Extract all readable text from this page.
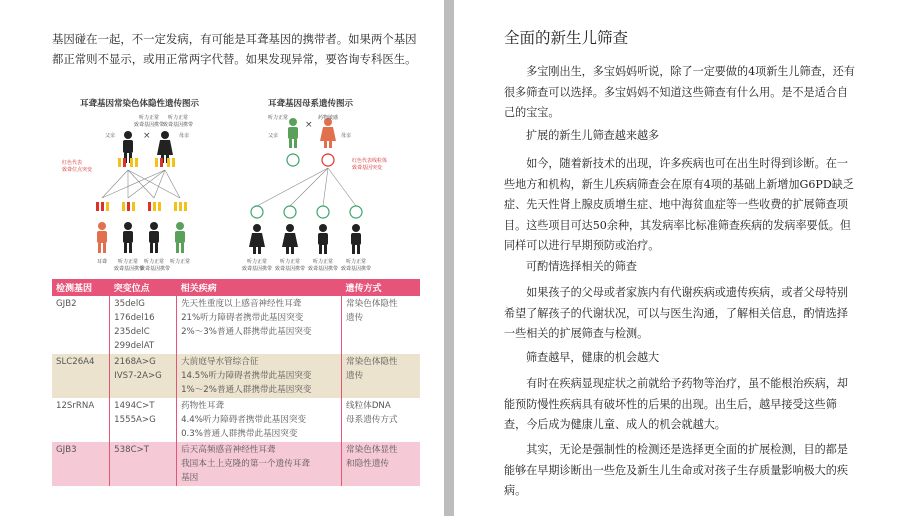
基因碰在一起，不一定发病，有可能是耳聋基因的携带者。如果两个基因都正常则不显示，或用正常两字代替。如果发现异常，要咨询专科医生。

耳聋基因常染色体隐性遗传图示	耳聋基因母系遗传图示
听力正常
致聋基因携带
听力正常
致聋基因携带
父亲	母亲
×
红色代表
致聋位点突变
听力正常	药物敏感
父亲	母亲
×
红色代表线粒体
致聋基因突变
耳聋	听力正常
致聋基因携带
听力正常
致聋基因携带
听力正常	听力正常
致聋基因携带
听力正常
致聋基因携带
听力正常
致聋基因携带
听力正常
致聋基因携带
检测基因	突变位点	相关疾病	遗传方式
GJB2	35delG
176del16
235delC
299delAT	先天性重度以上感音神经性耳聋
21%听力障碍者携带此基因突变
2%～3%普通人群携带此基因突变	常染色体隐性
遗传

SLC26A4	2168A>G
IVS7-2A>G	大前庭导水管综合征
14.5%听力障碍者携带此基因突变
1%～2%普通人群携带此基因突变	常染色体隐性
遗传

12SrRNA	1494C>T
1555A>G	药物性耳聋
4.4%听力障碍者携带此基因突变
0.3%普通人群携带此基因突变	线粒体DNA
母系遗传方式

GJB3	538C>T	后天高频感音神经性耳聋
我国本土上克隆的第一个遗传耳聋
基因	常染色体显性
和隐性遗传
全面的新生儿筛查

多宝刚出生，多宝妈妈听说，除了一定要做的4项新生儿筛查，还有很多筛查可以选择。多宝妈妈不知道这些筛查有什么用。是不是适合自己的宝宝。

扩展的新生儿筛查越来越多

如今，随着新技术的出现，许多疾病也可在出生时得到诊断。在一些地方和机构，新生儿疾病筛查会在原有4项的基础上新增加G6PD缺乏症、先天性肾上腺皮质增生症、地中海贫血症等一些收费的扩展筛查项目。这些项目可达50余种，其发病率比标准筛查疾病的发病率要低。但同样可以进行早期预防或治疗。

可酌情选择相关的筛查

如果孩子的父母或者家族内有代谢疾病或遗传疾病，或者父母特别希望了解孩子的代谢状况，可以与医生沟通，了解相关信息，酌情选择一些相关的扩展筛查与检测。

筛查越早，健康的机会越大

有时在疾病显现症状之前就给予药物等治疗，虽不能根治疾病，却能预防慢性疾病具有破坏性的后果的出现。出生后，越早接受这些筛查，今后成为健康儿童、成人的机会就越大。

其实，无论是强制性的检测还是选择更全面的扩展检测，目的都是能够在早期诊断出一些危及新生儿生命或对孩子生存质量影响极大的疾病。
